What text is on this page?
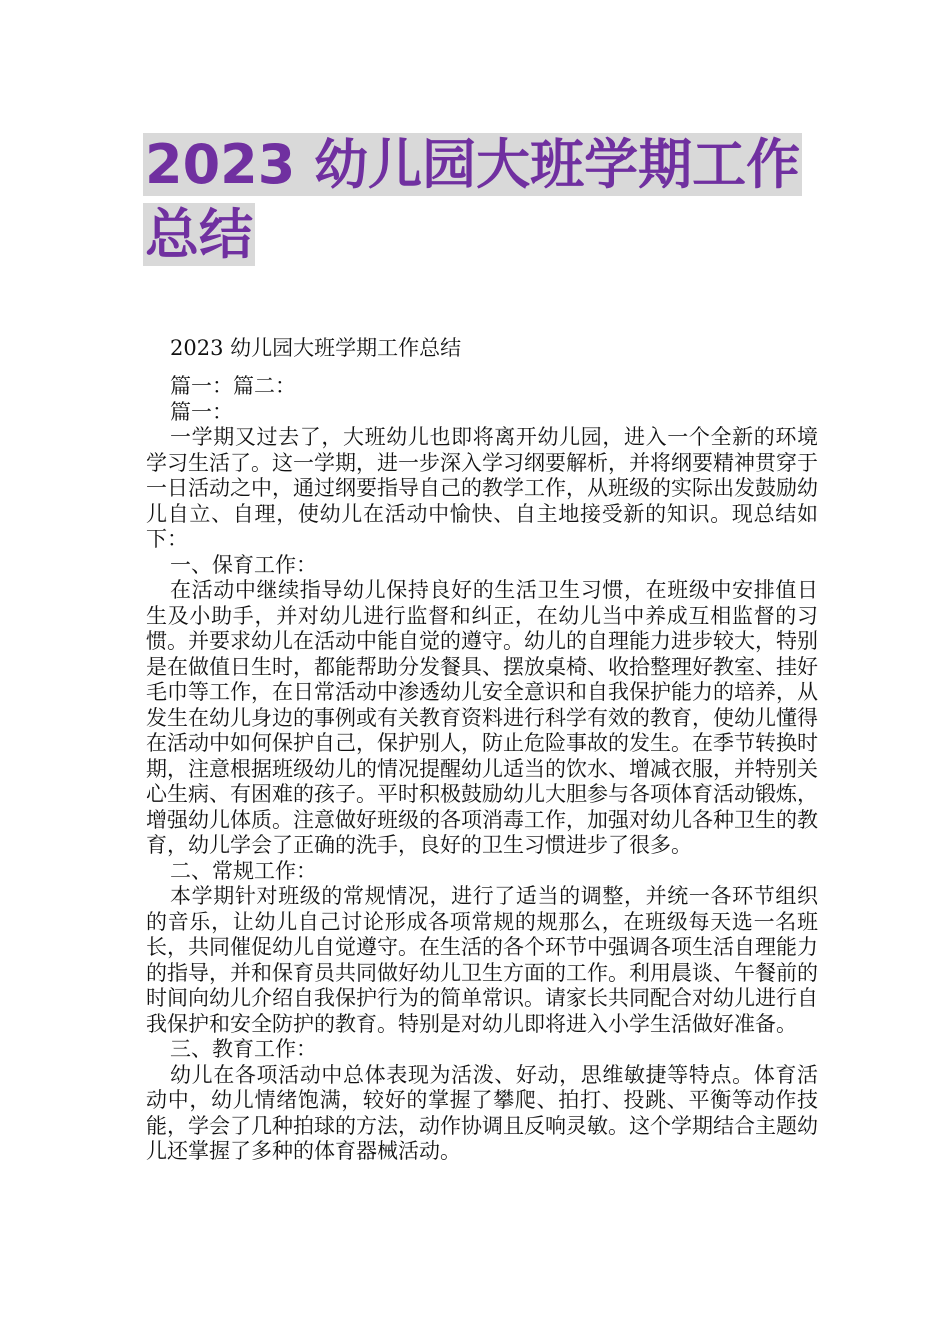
2023 幼儿园大班学期工作总结

2023 幼儿园大班学期工作总结

篇一：篇二：

篇一：

一学期又过去了，大班幼儿也即将离开幼儿园，进入一个全新的环境学习生活了。这一学期，进一步深入学习纲要解析，并将纲要精神贯穿于一日活动之中，通过纲要指导自己的教学工作，从班级的实际出发鼓励幼儿自立、自理，使幼儿在活动中愉快、自主地接受新的知识。现总结如下：

一、保育工作：

在活动中继续指导幼儿保持良好的生活卫生习惯，在班级中安排值日生及小助手，并对幼儿进行监督和纠正，在幼儿当中养成互相监督的习惯。并要求幼儿在活动中能自觉的遵守。幼儿的自理能力进步较大，特别是在做值日生时，都能帮助分发餐具、摆放桌椅、收拾整理好教室、挂好毛巾等工作，在日常活动中渗透幼儿安全意识和自我保护能力的培养，从发生在幼儿身边的事例或有关教育资料进行科学有效的教育，使幼儿懂得在活动中如何保护自己，保护别人，防止危险事故的发生。在季节转换时期，注意根据班级幼儿的情况提醒幼儿适当的饮水、增减衣服，并特别关心生病、有困难的孩子。平时积极鼓励幼儿大胆参与各项体育活动锻炼，增强幼儿体质。注意做好班级的各项消毒工作，加强对幼儿各种卫生的教育，幼儿学会了正确的洗手，良好的卫生习惯进步了很多。

二、常规工作：

本学期针对班级的常规情况，进行了适当的调整，并统一各环节组织的音乐，让幼儿自己讨论形成各项常规的规那么，在班级每天选一名班长，共同催促幼儿自觉遵守。在生活的各个环节中强调各项生活自理能力的指导，并和保育员共同做好幼儿卫生方面的工作。利用晨谈、午餐前的时间向幼儿介绍自我保护行为的简单常识。请家长共同配合对幼儿进行自我保护和安全防护的教育。特别是对幼儿即将进入小学生活做好准备。

三、教育工作：

幼儿在各项活动中总体表现为活泼、好动，思维敏捷等特点。体育活动中，幼儿情绪饱满，较好的掌握了攀爬、拍打、投跳、平衡等动作技能，学会了几种拍球的方法，动作协调且反响灵敏。这个学期结合主题幼儿还掌握了多种的体育器械活动。
